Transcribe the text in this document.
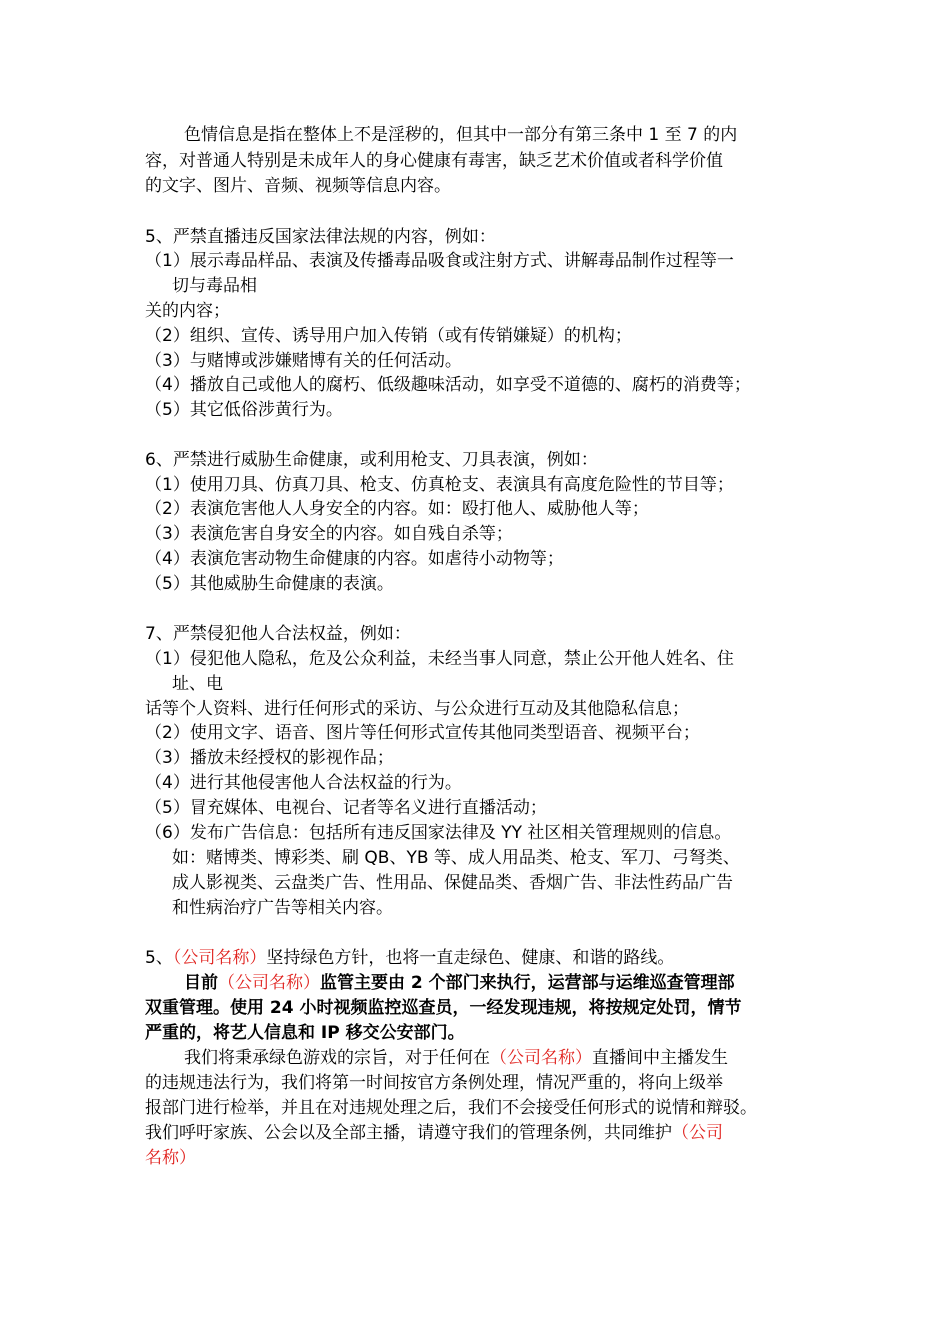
色情信息是指在整体上不是淫秽的，但其中一部分有第三条中 1 至 7 的内
容，对普通人特别是未成年人的身心健康有毒害，缺乏艺术价值或者科学价值
的文字、图片、音频、视频等信息内容。
5、严禁直播违反国家法律法规的内容，例如：
（1）展示毒品样品、表演及传播毒品吸食或注射方式、讲解毒品制作过程等一
切与毒品相
关的内容；
（2）组织、宣传、诱导用户加入传销（或有传销嫌疑）的机构；
（3）与赌博或涉嫌赌博有关的任何活动。
（4）播放自己或他人的腐朽、低级趣味活动，如享受不道德的、腐朽的消费等；
（5）其它低俗涉黄行为。
6、严禁进行威胁生命健康，或利用枪支、刀具表演，例如：
（1）使用刀具、仿真刀具、枪支、仿真枪支、表演具有高度危险性的节目等；
（2）表演危害他人人身安全的内容。如：殴打他人、威胁他人等；
（3）表演危害自身安全的内容。如自残自杀等；
（4）表演危害动物生命健康的内容。如虐待小动物等；
（5）其他威胁生命健康的表演。
7、严禁侵犯他人合法权益，例如：
（1）侵犯他人隐私，危及公众利益，未经当事人同意，禁止公开他人姓名、住
址、电
话等个人资料、进行任何形式的采访、与公众进行互动及其他隐私信息；
（2）使用文字、语音、图片等任何形式宣传其他同类型语音、视频平台；
（3）播放未经授权的影视作品；
（4）进行其他侵害他人合法权益的行为。
（5）冒充媒体、电视台、记者等名义进行直播活动；
（6）发布广告信息：包括所有违反国家法律及 YY 社区相关管理规则的信息。
如：赌博类、博彩类、刷 QB、YB 等、成人用品类、枪支、军刀、弓弩类、
成人影视类、云盘类广告、性用品、保健品类、香烟广告、非法性药品广告
和性病治疗广告等相关内容。
5、（公司名称）坚持绿色方针，也将一直走绿色、健康、和谐的路线。
目前（公司名称）监管主要由 2 个部门来执行，运营部与运维巡查管理部
双重管理。使用 24 小时视频监控巡查员，一经发现违规，将按规定处罚，情节
严重的，将艺人信息和 IP 移交公安部门。
我们将秉承绿色游戏的宗旨，对于任何在（公司名称）直播间中主播发生
的违规违法行为，我们将第一时间按官方条例处理，情况严重的，将向上级举
报部门进行检举，并且在对违规处理之后，我们不会接受任何形式的说情和辩驳。
我们呼吁家族、公会以及全部主播，请遵守我们的管理条例，共同维护（公司
名称）
